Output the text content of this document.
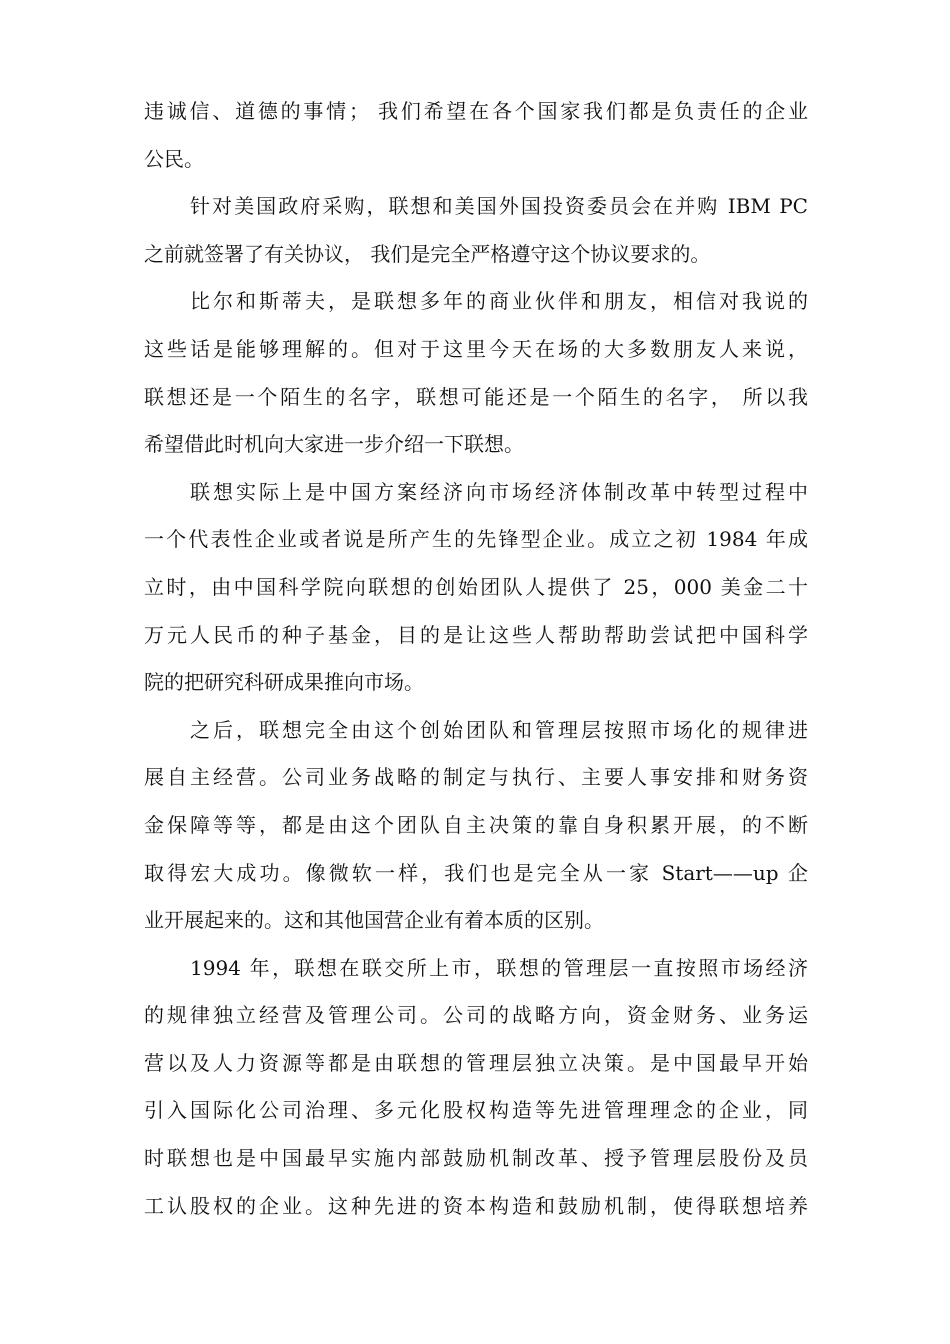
违诚信、道德的事情； 我们希望在各个国家我们都是负责任的企业
公民。
针对美国政府采购，联想和美国外国投资委员会在并购 IBM PC
之前就签署了有关协议， 我们是完全严格遵守这个协议要求的。
比尔和斯蒂夫，是联想多年的商业伙伴和朋友，相信对我说的
这些话是能够理解的。但对于这里今天在场的大多数朋友人来说，
联想还是一个陌生的名字，联想可能还是一个陌生的名字， 所以我
希望借此时机向大家进一步介绍一下联想。
联想实际上是中国方案经济向市场经济体制改革中转型过程中
一个代表性企业或者说是所产生的先锋型企业。成立之初 1984 年成
立时，由中国科学院向联想的创始团队人提供了 25，000 美金二十
万元人民币的种子基金，目的是让这些人帮助帮助尝试把中国科学
院的把研究科研成果推向市场。
之后，联想完全由这个创始团队和管理层按照市场化的规律进
展自主经营。公司业务战略的制定与执行、主要人事安排和财务资
金保障等等，都是由这个团队自主决策的靠自身积累开展，的不断
取得宏大成功。像微软一样，我们也是完全从一家 Start——up 企
业开展起来的。这和其他国营企业有着本质的区别。
1994 年，联想在联交所上市，联想的管理层一直按照市场经济
的规律独立经营及管理公司。公司的战略方向，资金财务、业务运
营以及人力资源等都是由联想的管理层独立决策。是中国最早开始
引入国际化公司治理、多元化股权构造等先进管理理念的企业，同
时联想也是中国最早实施内部鼓励机制改革、授予管理层股份及员
工认股权的企业。这种先进的资本构造和鼓励机制，使得联想培养
